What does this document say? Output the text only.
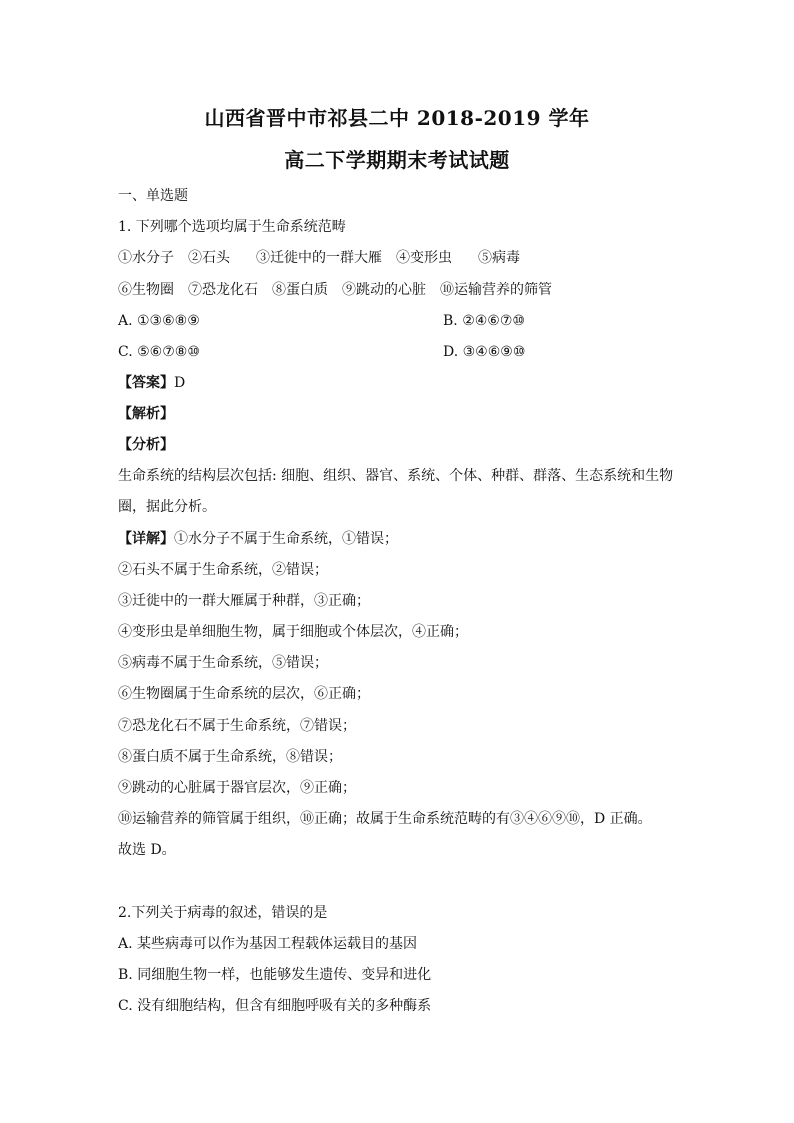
山西省晋中市祁县二中 2018-2019 学年
高二下学期期末考试试题
一、单选题
1. 下列哪个选项均属于生命系统范畴
①水分子 ②石头 ③迁徙中的一群大雁 ④变形虫 ⑤病毒
⑥生物圈 ⑦恐龙化石 ⑧蛋白质 ⑨跳动的心脏 ⑩运输营养的筛管
A. ①③⑥⑧⑨	B. ②④⑥⑦⑩
C. ⑤⑥⑦⑧⑩	D. ③④⑥⑨⑩
【答案】D
【解析】
【分析】
生命系统的结构层次包括: 细胞、组织、器官、系统、个体、种群、群落、生态系统和生物
圈，据此分析。
【详解】①水分子不属于生命系统，①错误；
②石头不属于生命系统，②错误；
③迁徙中的一群大雁属于种群，③正确；
④变形虫是单细胞生物，属于细胞或个体层次，④正确；
⑤病毒不属于生命系统，⑤错误；
⑥生物圈属于生命系统的层次，⑥正确；
⑦恐龙化石不属于生命系统，⑦错误；
⑧蛋白质不属于生命系统，⑧错误；
⑨跳动的心脏属于器官层次，⑨正确；
⑩运输营养的筛管属于组织，⑩正确；故属于生命系统范畴的有③④⑥⑨⑩，D 正确。
故选 D。
2.下列关于病毒的叙述，错误的是
A. 某些病毒可以作为基因工程载体运载目的基因
B. 同细胞生物一样，也能够发生遗传、变异和进化
C. 没有细胞结构，但含有细胞呼吸有关的多种酶系
